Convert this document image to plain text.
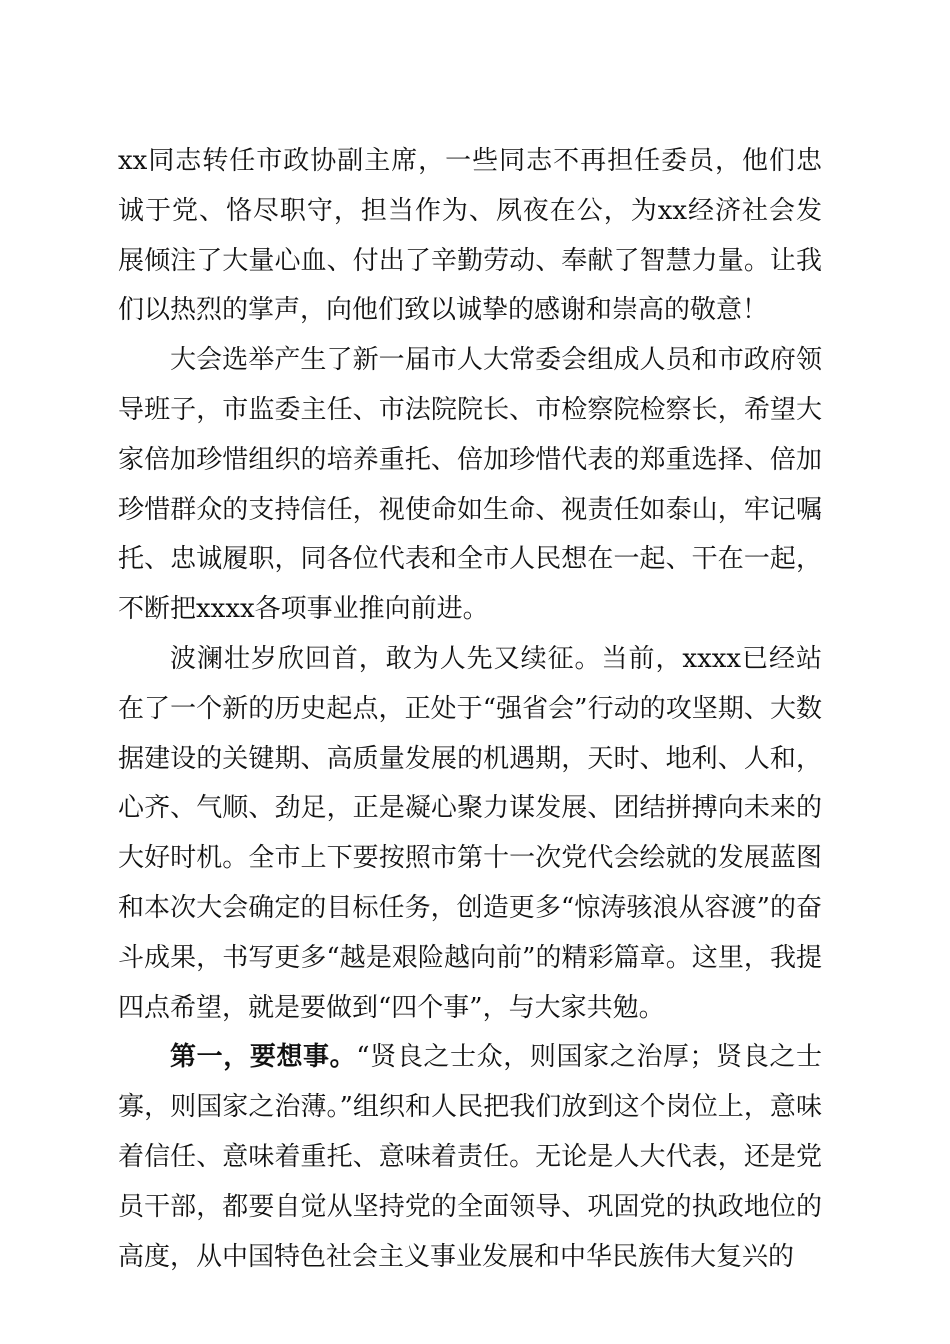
xx同志转任市政协副主席，一些同志不再担任委员，他们忠诚于党、恪尽职守，担当作为、夙夜在公，为xx经济社会发展倾注了大量心血、付出了辛勤劳动、奉献了智慧力量。让我们以热烈的掌声，向他们致以诚挚的感谢和崇高的敬意！

大会选举产生了新一届市人大常委会组成人员和市政府领导班子，市监委主任、市法院院长、市检察院检察长，希望大家倍加珍惜组织的培养重托、倍加珍惜代表的郑重选择、倍加珍惜群众的支持信任，视使命如生命、视责任如泰山，牢记嘱托、忠诚履职，同各位代表和全市人民想在一起、干在一起，不断把xxxx各项事业推向前进。

波澜壮岁欣回首，敢为人先又续征。当前，xxxx已经站在了一个新的历史起点，正处于“强省会”行动的攻坚期、大数据建设的关键期、高质量发展的机遇期，天时、地利、人和，心齐、气顺、劲足，正是凝心聚力谋发展、团结拼搏向未来的大好时机。全市上下要按照市第十一次党代会绘就的发展蓝图和本次大会确定的目标任务，创造更多“惊涛骇浪从容渡”的奋斗成果，书写更多“越是艰险越向前”的精彩篇章。这里，我提四点希望，就是要做到“四个事”，与大家共勉。

第一，要想事。“贤良之士众，则国家之治厚；贤良之士寡，则国家之治薄。”组织和人民把我们放到这个岗位上，意味着信任、意味着重托、意味着责任。无论是人大代表，还是党员干部，都要自觉从坚持党的全面领导、巩固党的执政地位的高度，从中国特色社会主义事业发展和中华民族伟大复兴的
